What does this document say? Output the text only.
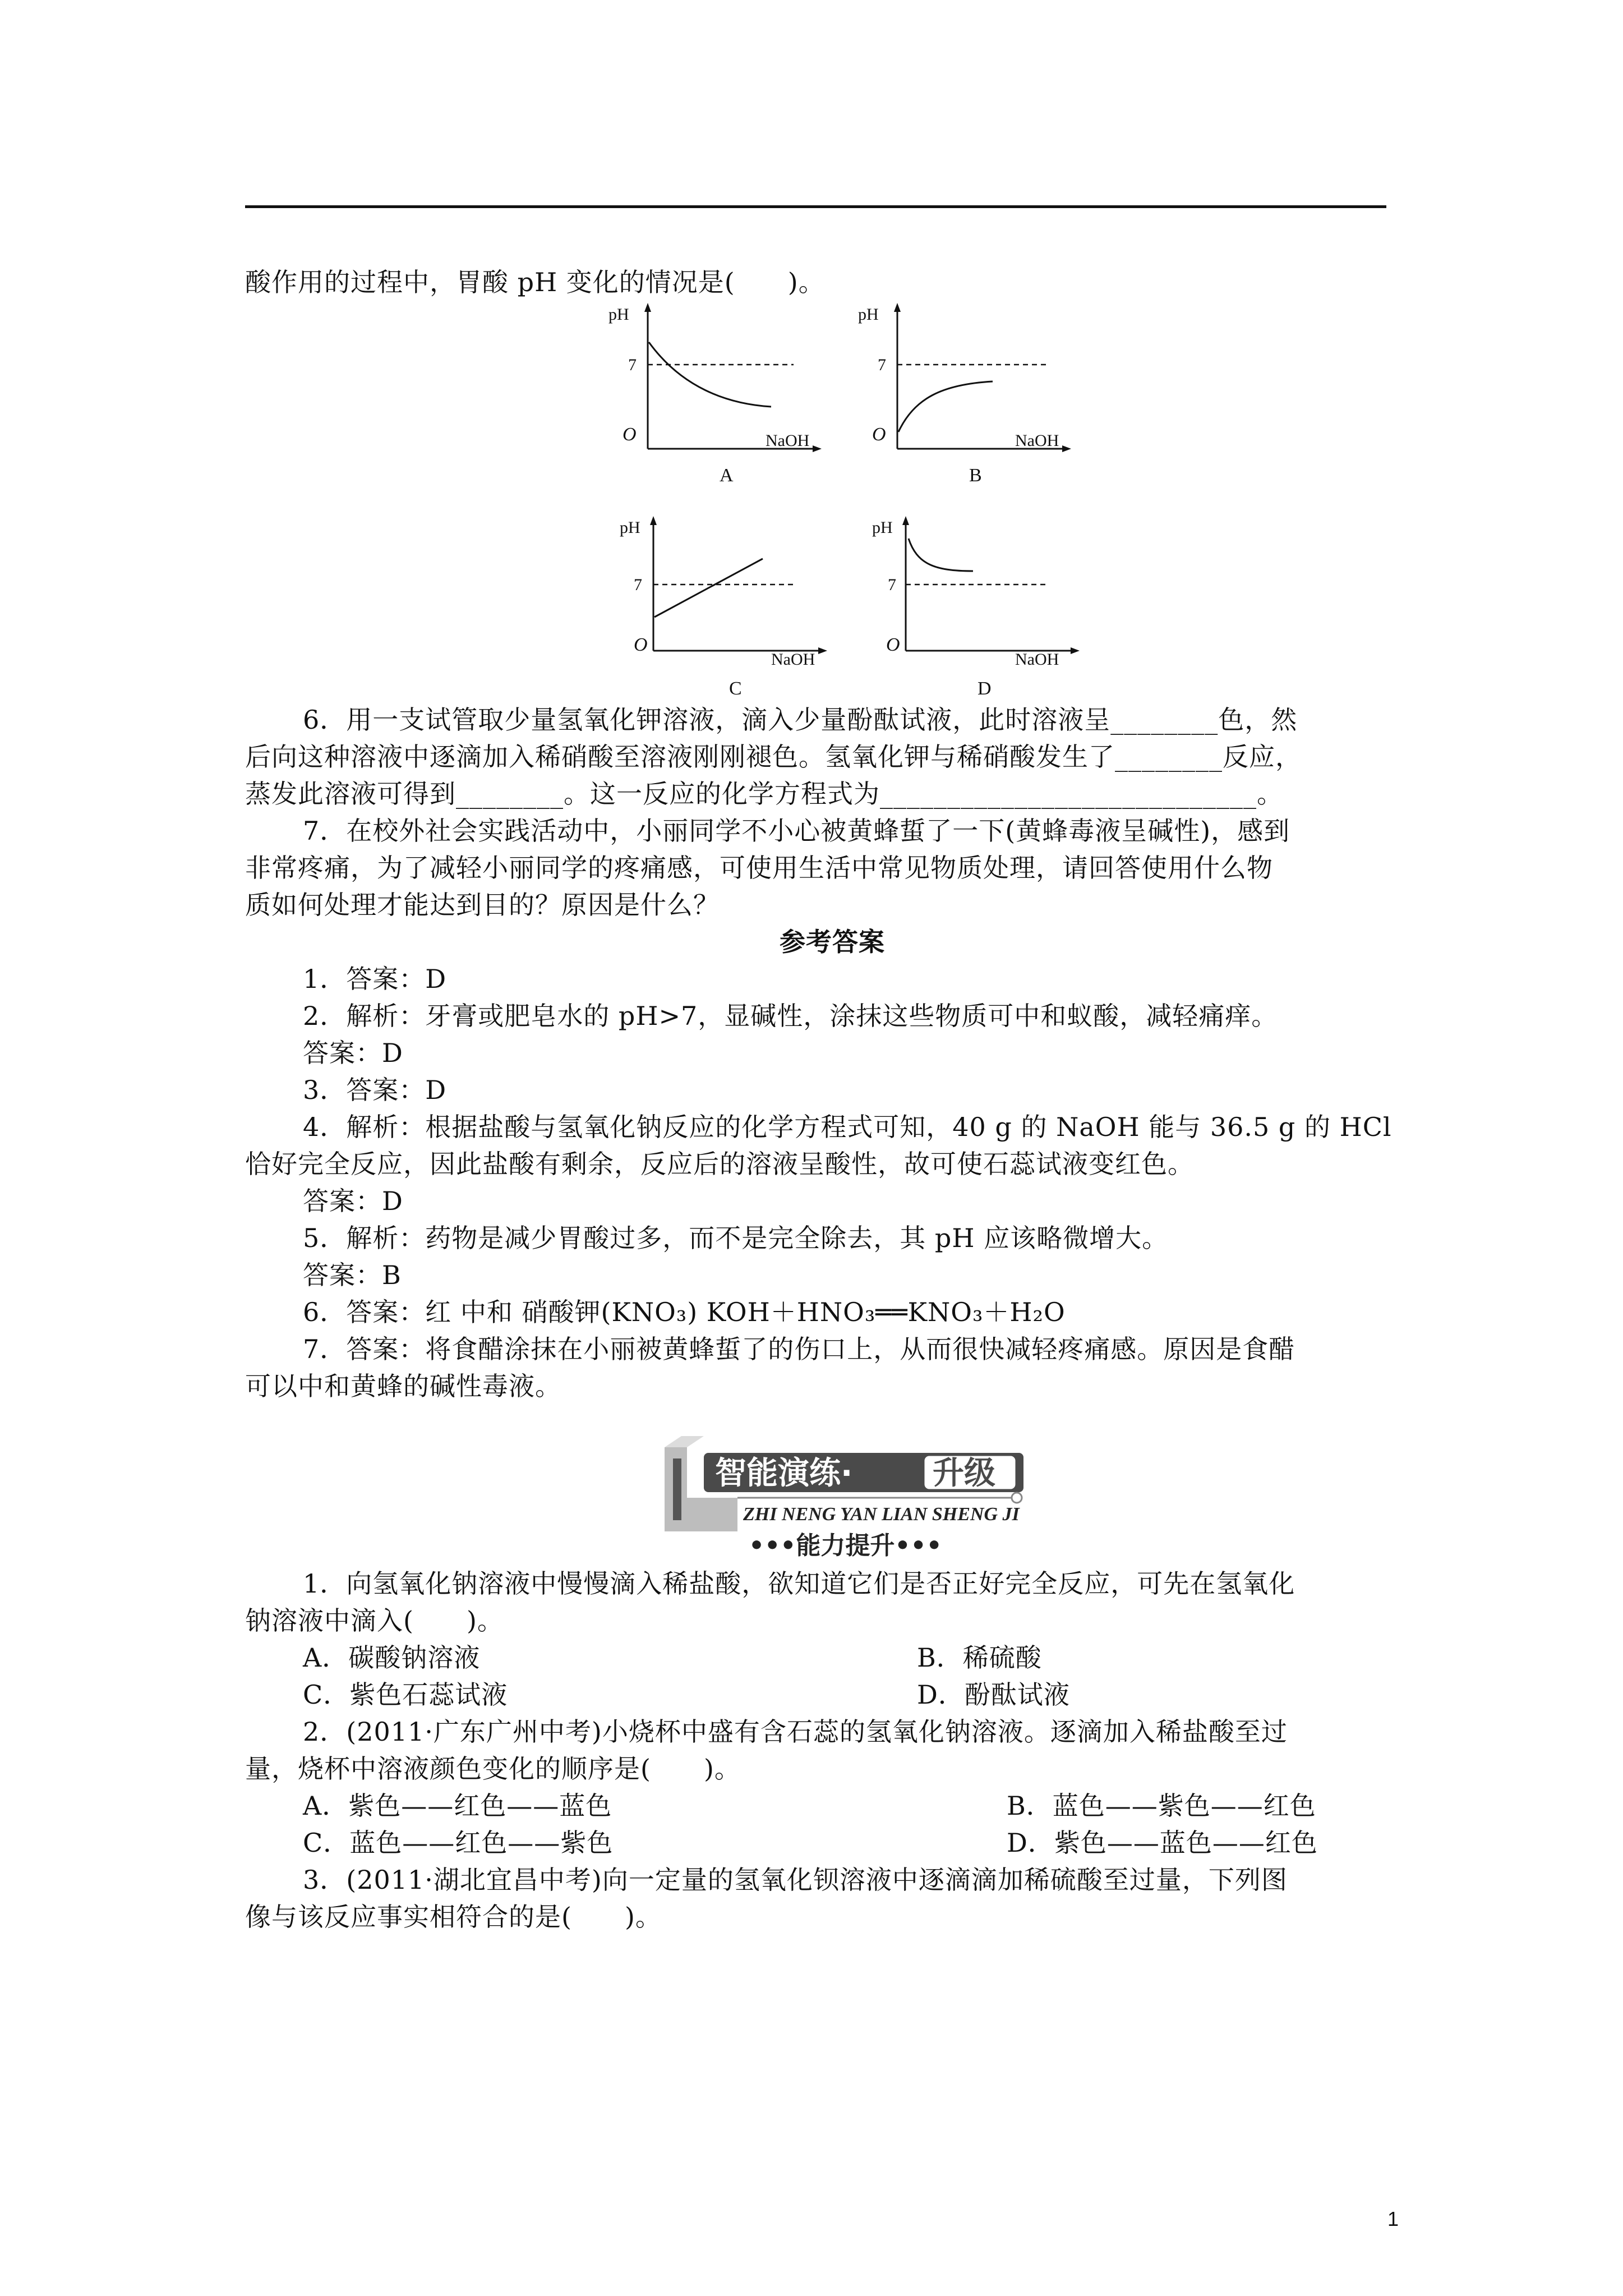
酸作用的过程中，胃酸 pH 变化的情况是(　　)。
pH
7
O	NaOH
A
pH
7
O	NaOH
B
pH
7
O
NaOH
C
pH
7
O
NaOH
D
6．用一支试管取少量氢氧化钾溶液，滴入少量酚酞试液，此时溶液呈________色，然
后向这种溶液中逐滴加入稀硝酸至溶液刚刚褪色。氢氧化钾与稀硝酸发生了________反应，
蒸发此溶液可得到________。这一反应的化学方程式为____________________________。
7．在校外社会实践活动中，小丽同学不小心被黄蜂蜇了一下(黄蜂毒液呈碱性)，感到
非常疼痛，为了减轻小丽同学的疼痛感，可使用生活中常见物质处理，请回答使用什么物
质如何处理才能达到目的？原因是什么？
参考答案
1．答案：D
2．解析：牙膏或肥皂水的 pH>7，显碱性，涂抹这些物质可中和蚁酸，减轻痛痒。
答案：D
3．答案：D
4．解析：根据盐酸与氢氧化钠反应的化学方程式可知，40 g 的 NaOH 能与 36.5 g 的 HCl
恰好完全反应，因此盐酸有剩余，反应后的溶液呈酸性，故可使石蕊试液变红色。
答案：D
5．解析：药物是减少胃酸过多，而不是完全除去，其 pH 应该略微增大。
答案：B
6．答案：红 中和 硝酸钾(KNO₃) KOH＋HNO₃══KNO₃＋H₂O
7．答案：将食醋涂抹在小丽被黄蜂蜇了的伤口上，从而很快减轻疼痛感。原因是食醋
可以中和黄蜂的碱性毒液。
智能演练·	升级
ZHI NENG YAN LIAN SHENG JI
•••能力提升•••
1．向氢氧化钠溶液中慢慢滴入稀盐酸，欲知道它们是否正好完全反应，可先在氢氧化
钠溶液中滴入(　　)。
A．碳酸钠溶液	B．稀硫酸
C．紫色石蕊试液	D．酚酞试液
2．(2011·广东广州中考)小烧杯中盛有含石蕊的氢氧化钠溶液。逐滴加入稀盐酸至过
量，烧杯中溶液颜色变化的顺序是(　　)。
A．紫色——红色——蓝色	B．蓝色——紫色——红色
C．蓝色——红色——紫色	D．紫色——蓝色——红色
3．(2011·湖北宜昌中考)向一定量的氢氧化钡溶液中逐滴滴加稀硫酸至过量，下列图
像与该反应事实相符合的是(　　)。
1
